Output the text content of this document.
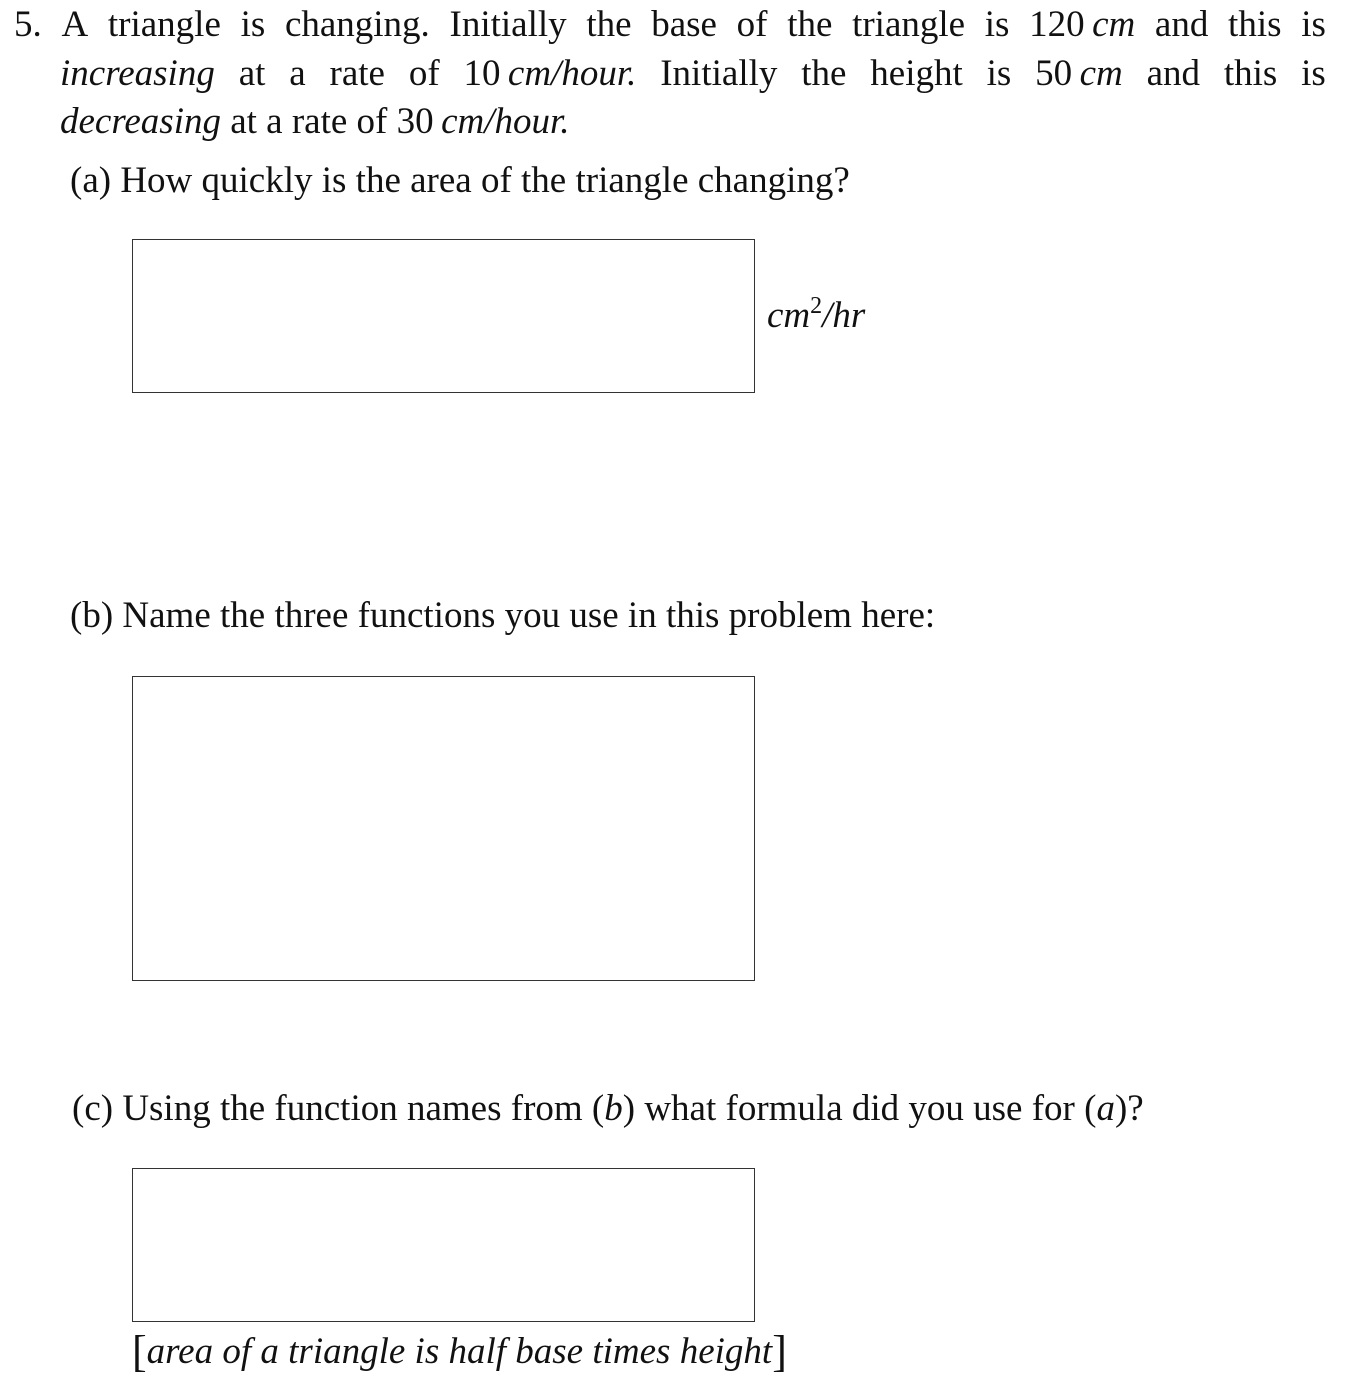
5. A triangle is changing. Initially the base of the triangle is 120  cm and this is
increasing at a rate of 10  cm/hour. Initially the height is 50  cm and this is
decreasing at a rate of 30  cm/hour.
(a) How quickly is the area of the triangle changing?
$cm^2/hr$
(b) Name the three functions you use in this problem here:
(c) Using the function names from (b) what formula did you use for (a)?
[area of a triangle is half base times height]
